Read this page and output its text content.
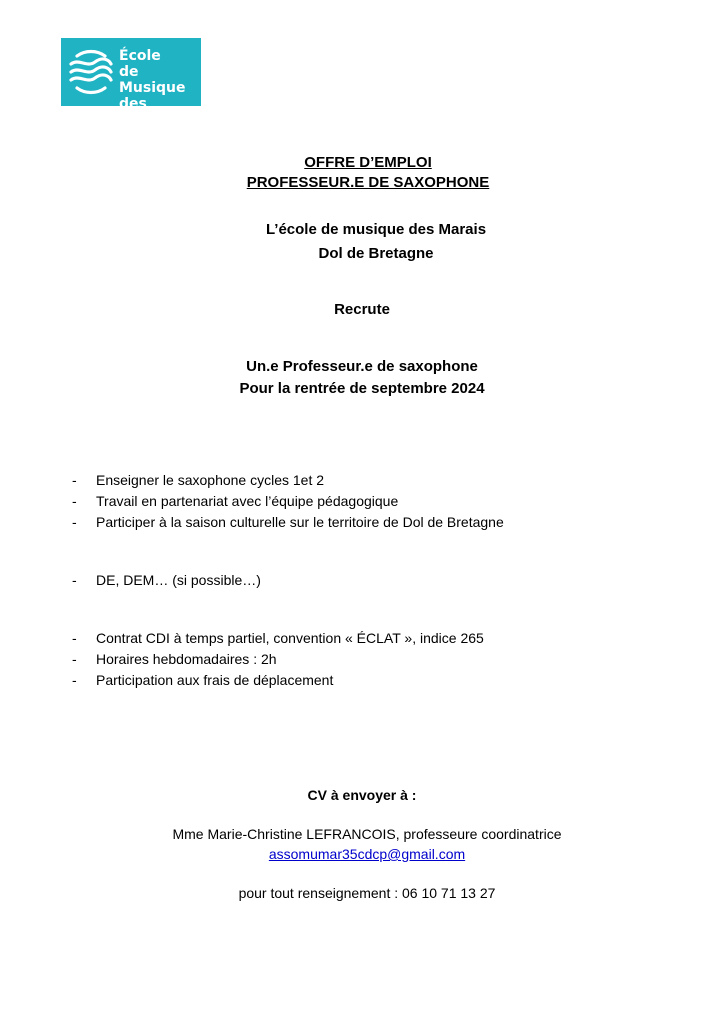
École
de Musique
des Marais
OFFRE D’EMPLOI
PROFESSEUR.E DE SAXOPHONE
L’école de musique des Marais
Dol de Bretagne
Recrute
Un.e Professeur.e de saxophone
Pour la rentrée de septembre 2024
- Enseigner le saxophone cycles 1et 2
- Travail en partenariat avec l’équipe pédagogique
- Participer à la saison culturelle sur le territoire de Dol de Bretagne
- DE, DEM… (si possible…)
- Contrat CDI à temps partiel, convention « ÉCLAT », indice 265
- Horaires hebdomadaires : 2h
- Participation aux frais de déplacement
CV à envoyer à :
Mme Marie-Christine LEFRANCOIS, professeure coordinatrice
assomumar35cdcp@gmail.com
pour tout renseignement : 06 10 71 13 27
